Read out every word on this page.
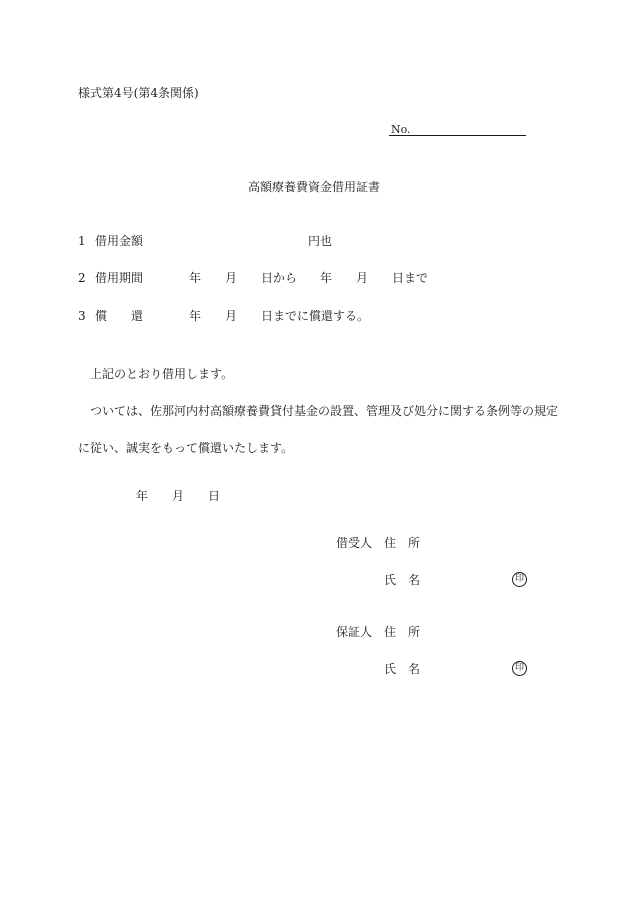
様式第4号(第4条関係)
No.
高額療養費資金借用証書
1 借用金額	円也
2 借用期間	年 月 日から 年 月 日まで
3 償　　還	年 月 日までに償還する。
上記のとおり借用します。
ついては、佐那河内村高額療養費貸付基金の設置、管理及び処分に関する条例等の規定
に従い、誠実をもって償還いたします。
年 月 日
借受人 住　所
氏　名	印
保証人 住　所
氏　名	印
